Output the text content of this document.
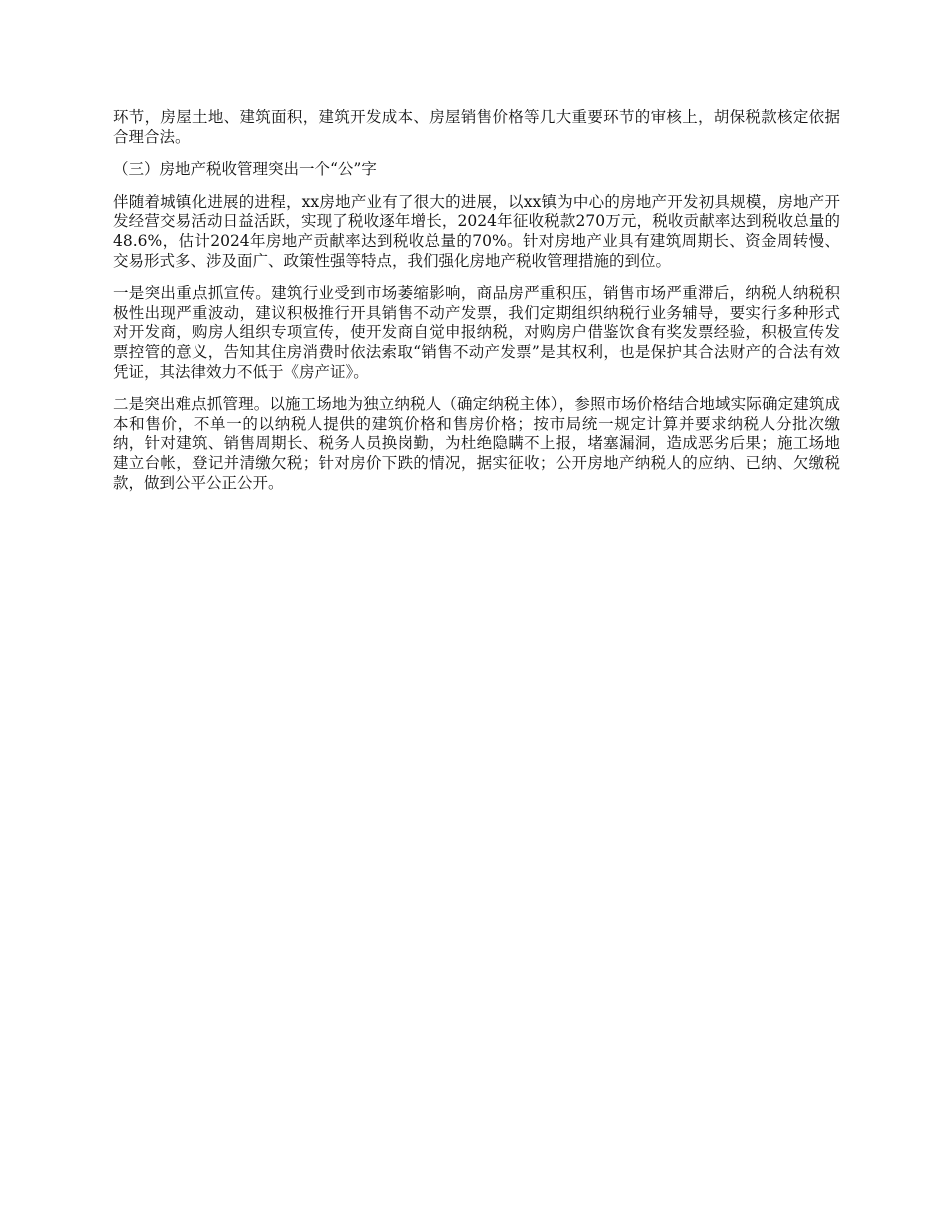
环节，房屋土地、建筑面积，建筑开发成本、房屋销售价格等几大重要环节的审核上，胡保税款核定依据合理合法。

（三）房地产税收管理突出一个“公”字

伴随着城镇化进展的进程，xx房地产业有了很大的进展，以xx镇为中心的房地产开发初具规模，房地产开发经营交易活动日益活跃，实现了税收逐年增长，2024年征收税款270万元，税收贡献率达到税收总量的48.6%，估计2024年房地产贡献率达到税收总量的70%。针对房地产业具有建筑周期长、资金周转慢、交易形式多、涉及面广、政策性强等特点，我们强化房地产税收管理措施的到位。

一是突出重点抓宣传。建筑行业受到市场萎缩影响，商品房严重积压，销售市场严重滞后，纳税人纳税积极性出现严重波动，建议积极推行开具销售不动产发票，我们定期组织纳税行业务辅导，要实行多种形式对开发商，购房人组织专项宣传，使开发商自觉申报纳税，对购房户借鉴饮食有奖发票经验，积极宣传发票控管的意义，告知其住房消费时依法索取“销售不动产发票”是其权利，也是保护其合法财产的合法有效凭证，其法律效力不低于《房产证》。

二是突出难点抓管理。以施工场地为独立纳税人（确定纳税主体），参照市场价格结合地域实际确定建筑成本和售价，不单一的以纳税人提供的建筑价格和售房价格；按市局统一规定计算并要求纳税人分批次缴纳，针对建筑、销售周期长、税务人员换岗勤，为杜绝隐瞒不上报，堵塞漏洞，造成恶劣后果；施工场地建立台帐，登记并清缴欠税；针对房价下跌的情况，据实征收；公开房地产纳税人的应纳、已纳、欠缴税款，做到公平公正公开。
